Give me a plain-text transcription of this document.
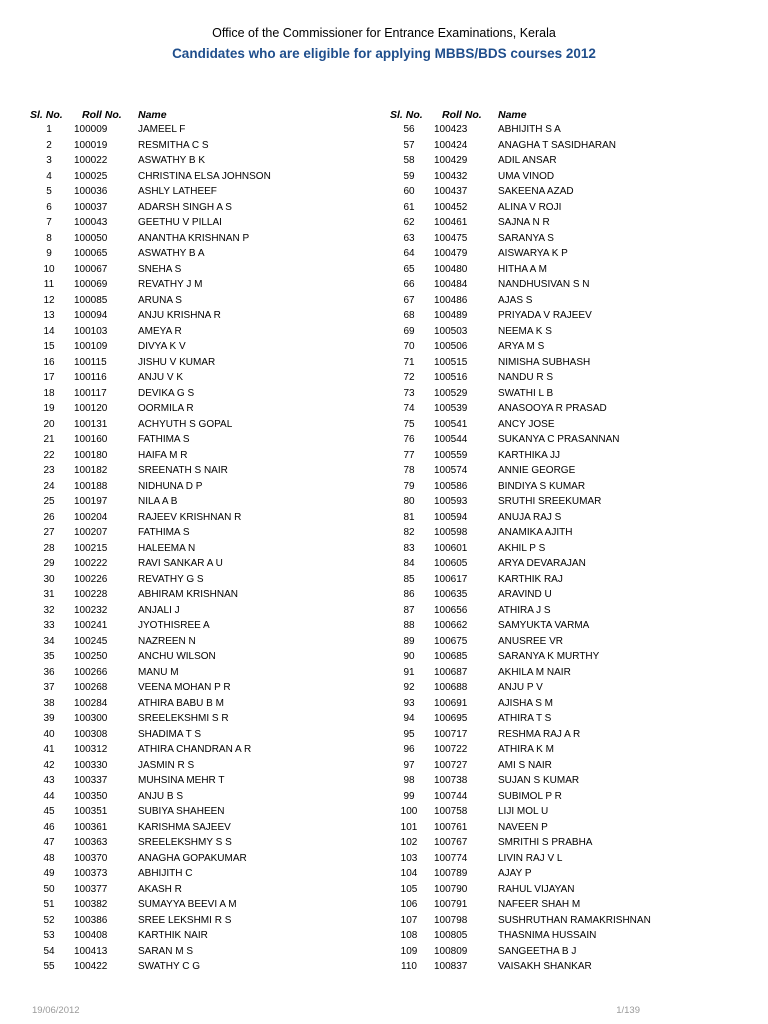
Office of the Commissioner for Entrance Examinations, Kerala
Candidates who are eligible for applying MBBS/BDS courses 2012
Sl. No. Roll No. Name
1 100009	JAMEEL F
2 100019	RESMITHA C S
3 100022	ASWATHY B K
4 100025	CHRISTINA ELSA JOHNSON
5 100036	ASHLY LATHEEF
6 100037	ADARSH SINGH A S
7 100043	GEETHU V PILLAI
8 100050	ANANTHA KRISHNAN P
9 100065	ASWATHY B A
10 100067	SNEHA S
11 100069	REVATHY J M
12 100085	ARUNA S
13 100094	ANJU KRISHNA R
14 100103	AMEYA R
15 100109	DIVYA K V
16 100115	JISHU V KUMAR
17 100116	ANJU V K
18 100117	DEVIKA G S
19 100120	OORMILA R
20 100131	ACHYUTH S GOPAL
21 100160	FATHIMA S
22 100180	HAIFA M R
23 100182	SREENATH S NAIR
24 100188	NIDHUNA D P
25 100197	NILA A B
26 100204	RAJEEV KRISHNAN R
27 100207	FATHIMA S
28 100215	HALEEMA N
29 100222	RAVI SANKAR A U
30 100226	REVATHY G S
31 100228	ABHIRAM KRISHNAN
32 100232	ANJALI J
33 100241	JYOTHISREE A
34 100245	NAZREEN N
35 100250	ANCHU WILSON
36 100266	MANU M
37 100268	VEENA MOHAN P R
38 100284	ATHIRA BABU B M
39 100300	SREELEKSHMI S R
40 100308	SHADIMA T S
41 100312	ATHIRA CHANDRAN A R
42 100330	JASMIN R S
43 100337	MUHSINA MEHR T
44 100350	ANJU B S
45 100351	SUBIYA SHAHEEN
46 100361	KARISHMA SAJEEV
47 100363	SREELEKSHMY S S
48 100370	ANAGHA GOPAKUMAR
49 100373	ABHIJITH C
50 100377	AKASH R
51 100382	SUMAYYA BEEVI A M
52 100386	SREE LEKSHMI R S
53 100408	KARTHIK NAIR
54 100413	SARAN M S
55 100422	SWATHY C G
Sl. No. Roll No. Name
56 100423	ABHIJITH S A
57 100424	ANAGHA T SASIDHARAN
58 100429	ADIL ANSAR
59 100432	UMA VINOD
60 100437	SAKEENA AZAD
61 100452	ALINA V ROJI
62 100461	SAJNA N R
63 100475	SARANYA S
64 100479	AISWARYA K P
65 100480	HITHA A M
66 100484	NANDHUSIVAN S N
67 100486	AJAS S
68 100489	PRIYADA V RAJEEV
69 100503	NEEMA K S
70 100506	ARYA M S
71 100515	NIMISHA SUBHASH
72 100516	NANDU R S
73 100529	SWATHI L B
74 100539	ANASOOYA R PRASAD
75 100541	ANCY JOSE
76 100544	SUKANYA C PRASANNAN
77 100559	KARTHIKA JJ
78 100574	ANNIE GEORGE
79 100586	BINDIYA S KUMAR
80 100593	SRUTHI SREEKUMAR
81 100594	ANUJA RAJ S
82 100598	ANAMIKA AJITH
83 100601	AKHIL P S
84 100605	ARYA DEVARAJAN
85 100617	KARTHIK RAJ
86 100635	ARAVIND U
87 100656	ATHIRA J S
88 100662	SAMYUKTA VARMA
89 100675	ANUSREE VR
90 100685	SARANYA K MURTHY
91 100687	AKHILA M NAIR
92 100688	ANJU P V
93 100691	AJISHA S M
94 100695	ATHIRA T S
95 100717	RESHMA RAJ A R
96 100722	ATHIRA K M
97 100727	AMI S NAIR
98 100738	SUJAN S KUMAR
99 100744	SUBIMOL P R
100 100758	LIJI MOL U
101 100761	NAVEEN P
102 100767	SMRITHI S PRABHA
103 100774	LIVIN RAJ V L
104 100789	AJAY P
105 100790	RAHUL VIJAYAN
106 100791	NAFEER SHAH M
107 100798	SUSHRUTHAN RAMAKRISHNAN
108 100805	THASNIMA HUSSAIN
109 100809	SANGEETHA B J
110 100837	VAISAKH SHANKAR
19/06/2012	1/139
